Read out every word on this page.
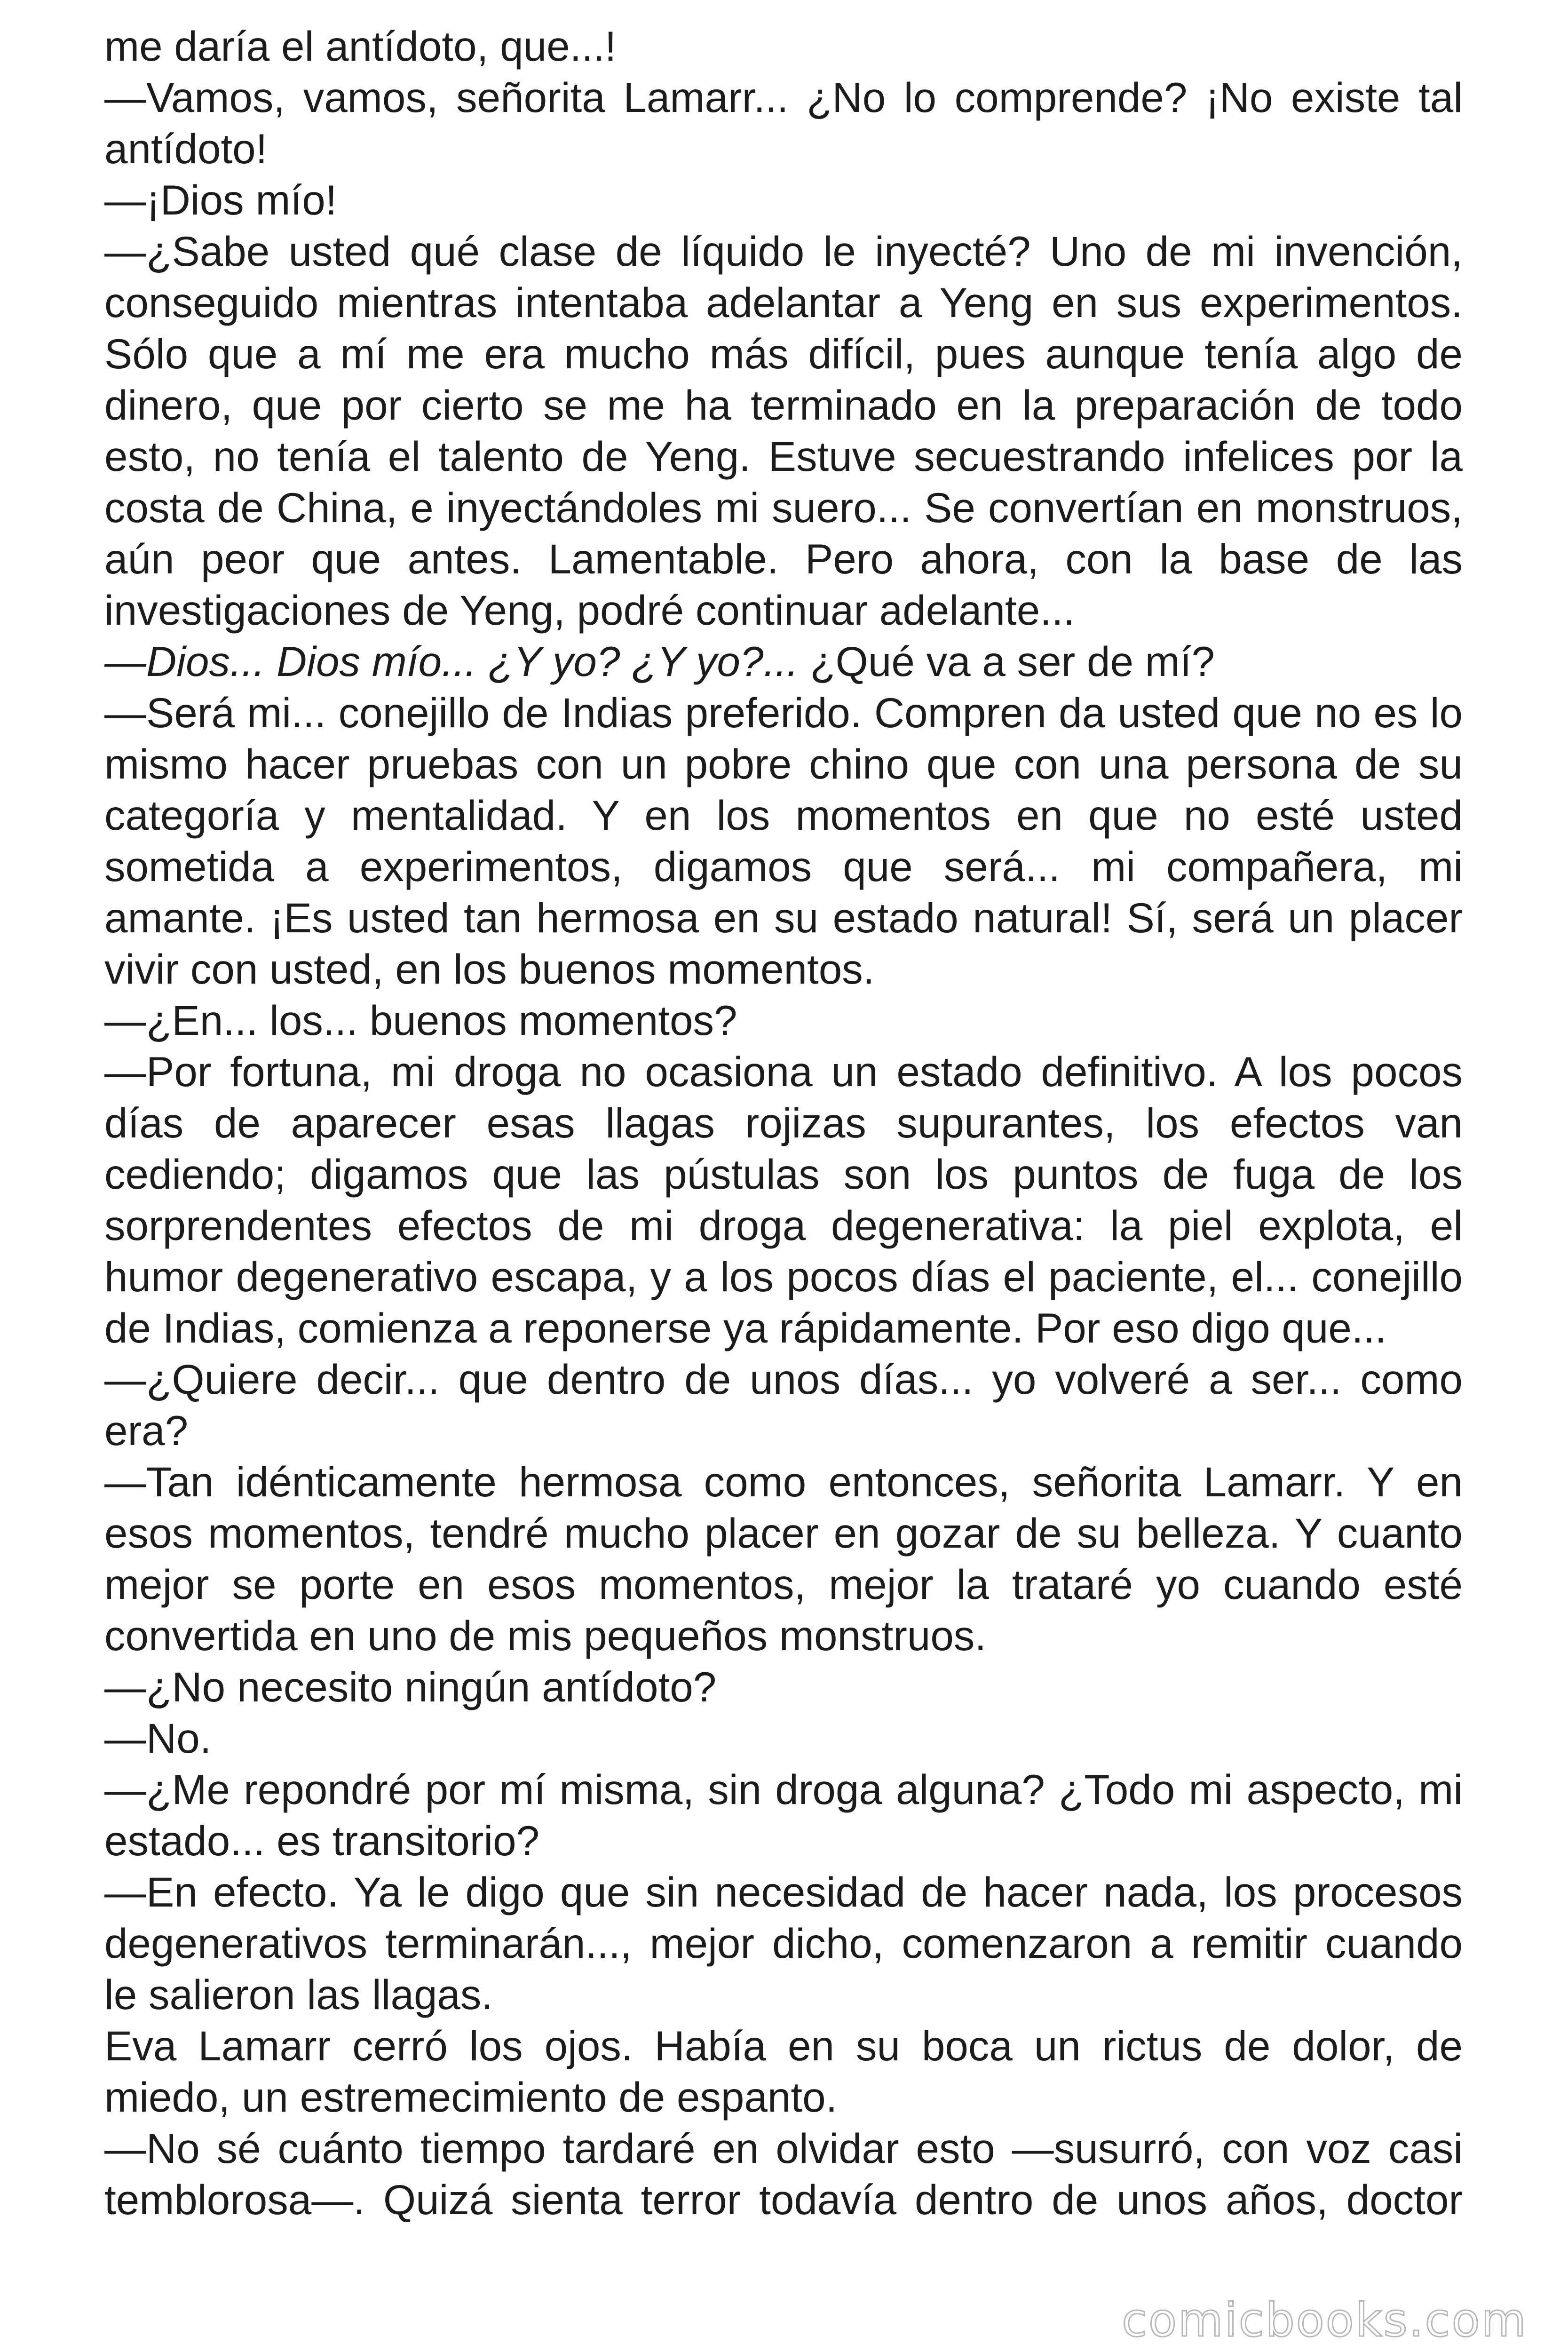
me daría el antídoto, que...!

—Vamos, vamos, señorita Lamarr... ¿No lo comprende? ¡No existe tal antídoto!

—¡Dios mío!

—¿Sabe usted qué clase de líquido le inyecté? Uno de mi invención, conseguido mientras intentaba adelantar a Yeng en sus experimentos. Sólo que a mí me era mucho más difícil, pues aunque tenía algo de dinero, que por cierto se me ha terminado en la preparación de todo esto, no tenía el talento de Yeng. Estuve secuestrando infelices por la costa de China, e inyectándoles mi suero... Se convertían en monstruos, aún peor que antes. Lamentable. Pero ahora, con la base de las investigaciones de Yeng, podré continuar adelante...

—Dios... Dios mío... ¿Y yo? ¿Y yo?... ¿Qué va a ser de mí?

—Será mi... conejillo de Indias preferido. Compren da usted que no es lo mismo hacer pruebas con un pobre chino que con una persona de su categoría y mentalidad. Y en los momentos en que no esté usted sometida a experimentos, digamos que será... mi compañera, mi amante. ¡Es usted tan hermosa en su estado natural! Sí, será un placer vivir con usted, en los buenos momentos.

—¿En... los... buenos momentos?

—Por fortuna, mi droga no ocasiona un estado definitivo. A los pocos días de aparecer esas llagas rojizas supurantes, los efectos van cediendo; digamos que las pústulas son los puntos de fuga de los sorprendentes efectos de mi droga degenerativa: la piel explota, el humor degenerativo escapa, y a los pocos días el paciente, el... conejillo de Indias, comienza a reponerse ya rápidamente. Por eso digo que...

—¿Quiere decir... que dentro de unos días... yo volveré a ser... como era?

—Tan idénticamente hermosa como entonces, señorita Lamarr. Y en esos momentos, tendré mucho placer en gozar de su belleza. Y cuanto mejor se porte en esos momentos, mejor la trataré yo cuando esté convertida en uno de mis pequeños monstruos.

—¿No necesito ningún antídoto?

—No.

—¿Me repondré por mí misma, sin droga alguna? ¿Todo mi aspecto, mi estado... es transitorio?

—En efecto. Ya le digo que sin necesidad de hacer nada, los procesos degenerativos terminarán..., mejor dicho, comenzaron a remitir cuando le salieron las llagas.

Eva Lamarr cerró los ojos. Había en su boca un rictus de dolor, de miedo, un estremecimiento de espanto.

—No sé cuánto tiempo tardaré en olvidar esto —susurró, con voz casi temblorosa—. Quizá sienta terror todavía dentro de unos años, doctor

comicbooks.com
